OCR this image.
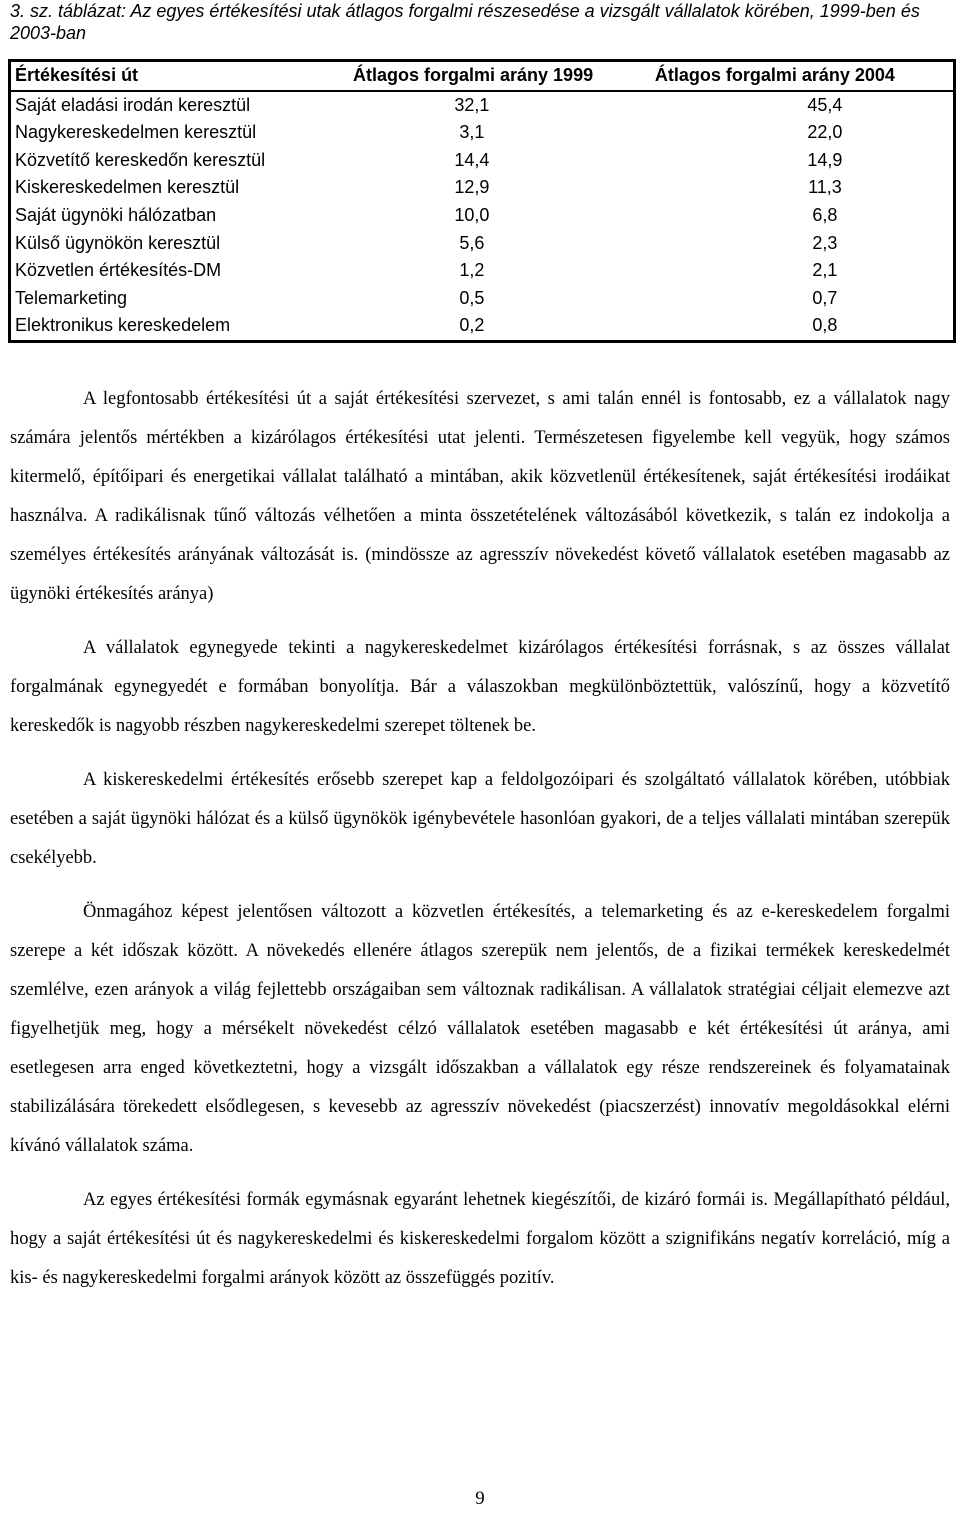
3. sz. táblázat: Az egyes értékesítési utak átlagos forgalmi részesedése a vizsgált vállalatok körében, 1999-ben és 2003-ban
Értékesítési út	Átlagos forgalmi arány 1999	Átlagos forgalmi arány 2004
Saját eladási irodán keresztül	32,1	45,4
Nagykereskedelmen keresztül	3,1	22,0
Közvetítő kereskedőn keresztül	14,4	14,9
Kiskereskedelmen keresztül	12,9	11,3
Saját ügynöki hálózatban	10,0	6,8
Külső ügynökön keresztül	5,6	2,3
Közvetlen értékesítés-DM	1,2	2,1
Telemarketing	0,5	0,7
Elektronikus kereskedelem	0,2	0,8

A legfontosabb értékesítési út a saját értékesítési szervezet, s ami talán ennél is fontosabb, ez a vállalatok nagy számára jelentős mértékben a kizárólagos értékesítési utat jelenti. Természetesen figyelembe kell vegyük, hogy számos kitermelő, építőipari és energetikai vállalat található a mintában, akik közvetlenül értékesítenek, saját értékesítési irodáikat használva. A radikálisnak tűnő változás vélhetően a minta összetételének változásából következik, s talán ez indokolja a személyes értékesítés arányának változását is. (mindössze az agresszív növekedést követő vállalatok esetében magasabb az ügynöki értékesítés aránya)

A vállalatok egynegyede tekinti a nagykereskedelmet kizárólagos értékesítési forrásnak, s az összes vállalat forgalmának egynegyedét e formában bonyolítja. Bár a válaszokban megkülönböztettük, valószínű, hogy a közvetítő kereskedők is nagyobb részben nagykereskedelmi szerepet töltenek be.

A kiskereskedelmi értékesítés erősebb szerepet kap a feldolgozóipari és szolgáltató vállalatok körében, utóbbiak esetében a saját ügynöki hálózat és a külső ügynökök igénybevétele hasonlóan gyakori, de a teljes vállalati mintában szerepük csekélyebb.

Önmagához képest jelentősen változott a közvetlen értékesítés, a telemarketing és az e-kereskedelem forgalmi szerepe a két időszak között. A növekedés ellenére átlagos szerepük nem jelentős, de a fizikai termékek kereskedelmét szemlélve, ezen arányok a világ fejlettebb országaiban sem változnak radikálisan. A vállalatok stratégiai céljait elemezve azt figyelhetjük meg, hogy a mérsékelt növekedést célzó vállalatok esetében magasabb e két értékesítési út aránya, ami esetlegesen arra enged következtetni, hogy a vizsgált időszakban a vállalatok egy része rendszereinek és folyamatainak stabilizálására törekedett elsődlegesen, s kevesebb az agresszív növekedést (piacszerzést) innovatív megoldásokkal elérni kívánó vállalatok száma.

Az egyes értékesítési formák egymásnak egyaránt lehetnek kiegészítői, de kizáró formái is. Megállapítható például, hogy a saját értékesítési út és nagykereskedelmi és kiskereskedelmi forgalom között a szignifikáns negatív korreláció, míg a kis- és nagykereskedelmi forgalmi arányok között az összefüggés pozitív.

9
